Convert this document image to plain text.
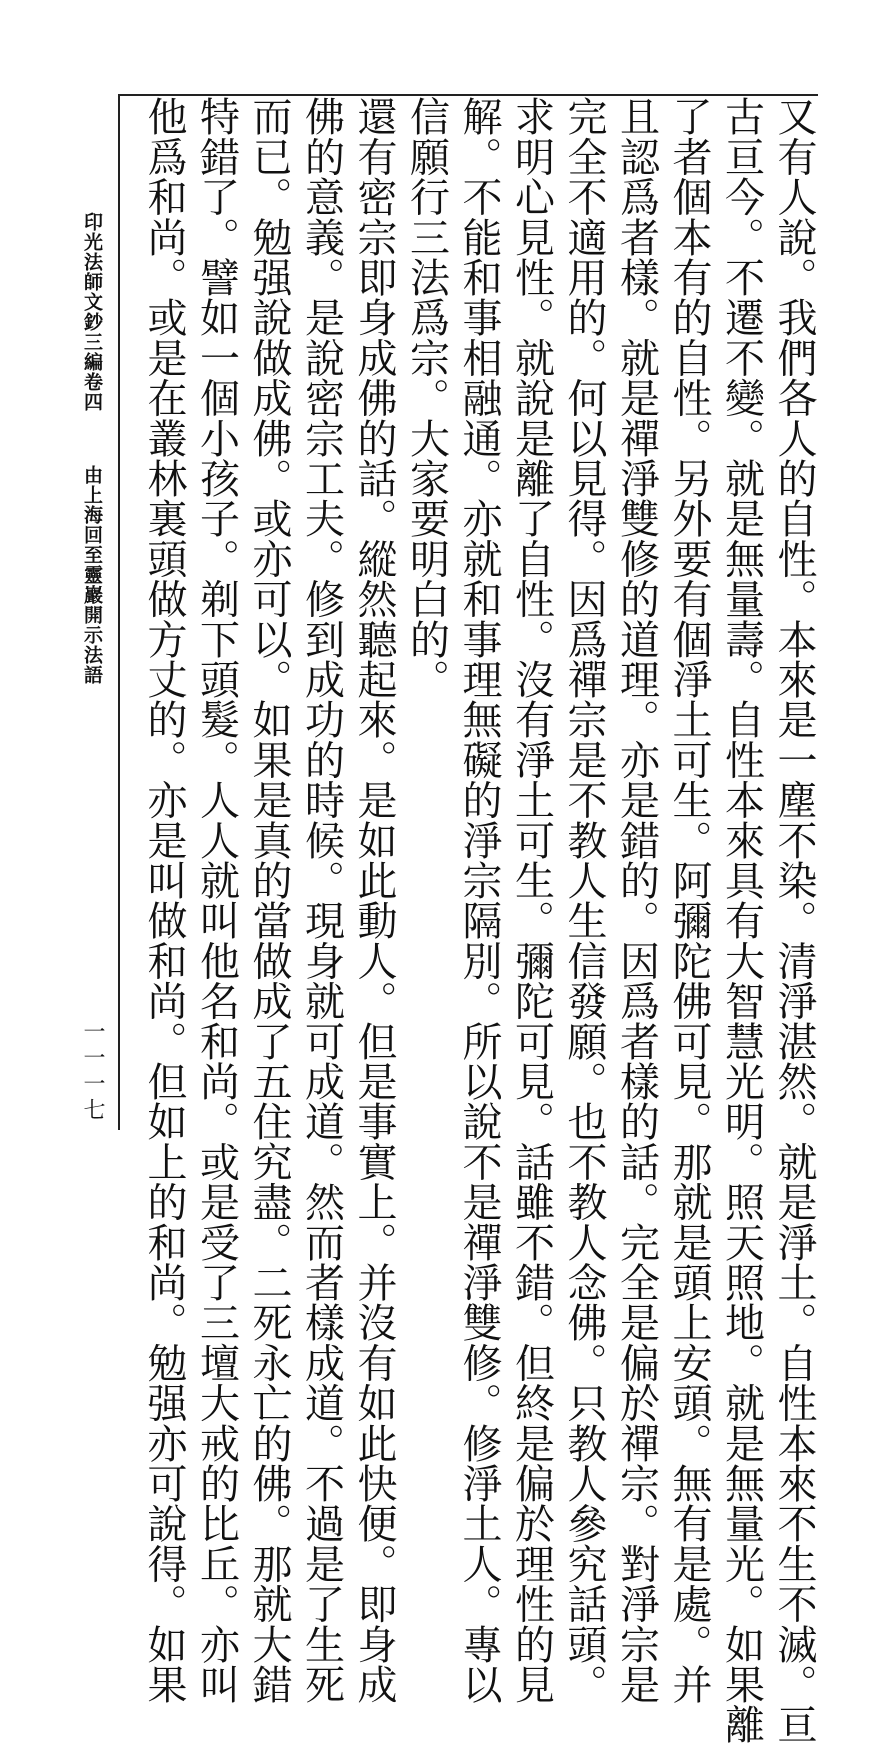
又有人說。我們各人的自性。本來是一塵不染。清淨湛然。就是淨土。自性本來不生不滅。亘
古亘今。不遷不變。就是無量壽。自性本來具有大智慧光明。照天照地。就是無量光。如果離
了者個本有的自性。另外要有個淨土可生。阿彌陀佛可見。那就是頭上安頭。無有是處。并
且認爲者樣。就是禪淨雙修的道理。亦是錯的。因爲者樣的話。完全是偏於禪宗。對淨宗是
完全不適用的。何以見得。因爲禪宗是不教人生信發願。也不教人念佛。只教人參究話頭。
求明心見性。就說是離了自性。沒有淨土可生。彌陀可見。話雖不錯。但終是偏於理性的見
解。不能和事相融通。亦就和事理無礙的淨宗隔別。所以說不是禪淨雙修。修淨土人。專以
信願行三法爲宗。大家要明白的。
還有密宗即身成佛的話。縱然聽起來。是如此動人。但是事實上。并沒有如此快便。即身成
佛的意義。是說密宗工夫。修到成功的時候。現身就可成道。然而者樣成道。不過是了生死
而已。勉强說做成佛。或亦可以。如果是真的當做成了五住究盡。二死永亡的佛。那就大錯
特錯了。譬如一個小孩子。剃下頭髮。人人就叫他名和尚。或是受了三壇大戒的比丘。亦叫
他爲和尚。或是在叢林裏頭做方丈的。亦是叫做和尚。但如上的和尚。勉强亦可說得。如果
印光法師文鈔三編卷四
由上海回至靈巖開示法語
一一一七
